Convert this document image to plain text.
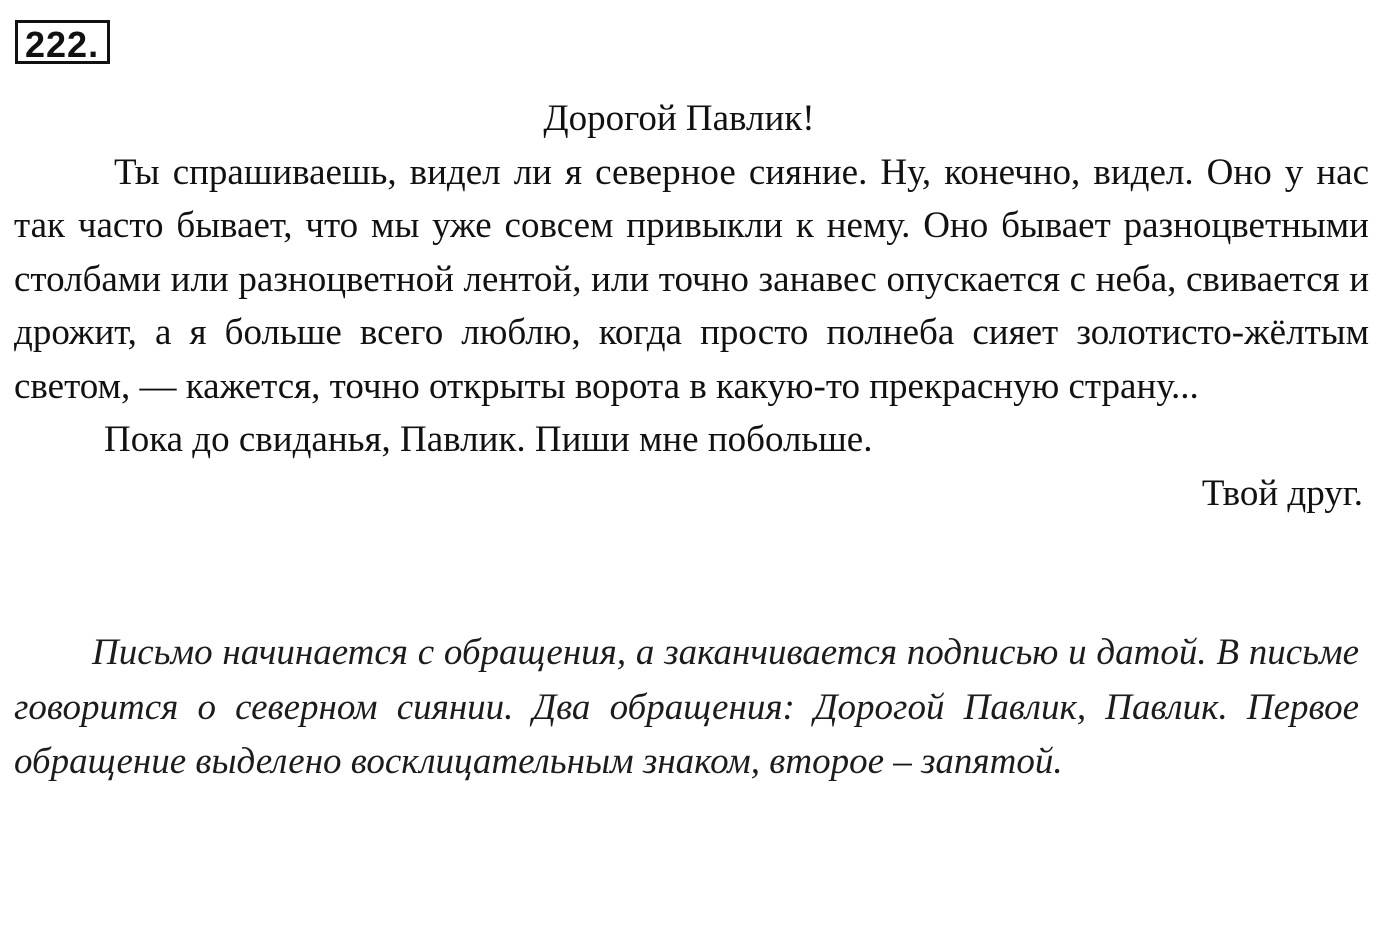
222.

Дорогой Павлик!

Ты спрашиваешь, видел ли я северное сияние. Ну, конечно, видел. Оно у нас так часто бывает, что мы уже совсем привыкли к нему. Оно бывает разноцветными столбами или разноцветной лентой, или точно занавес опускается с неба, свивается и дрожит, а я больше всего люблю, когда просто полнеба сияет золотисто-жёлтым светом, — кажется, точно открыты ворота в какую-то прекрасную страну...

Пока до свиданья, Павлик. Пиши мне побольше.

Твой друг.

Письмо начинается с обращения, а заканчивается подписью и датой. В письме говорится о северном сиянии. Два обращения: Дорогой Павлик, Павлик. Первое обращение выделено восклицательным знаком, второе – запятой.
